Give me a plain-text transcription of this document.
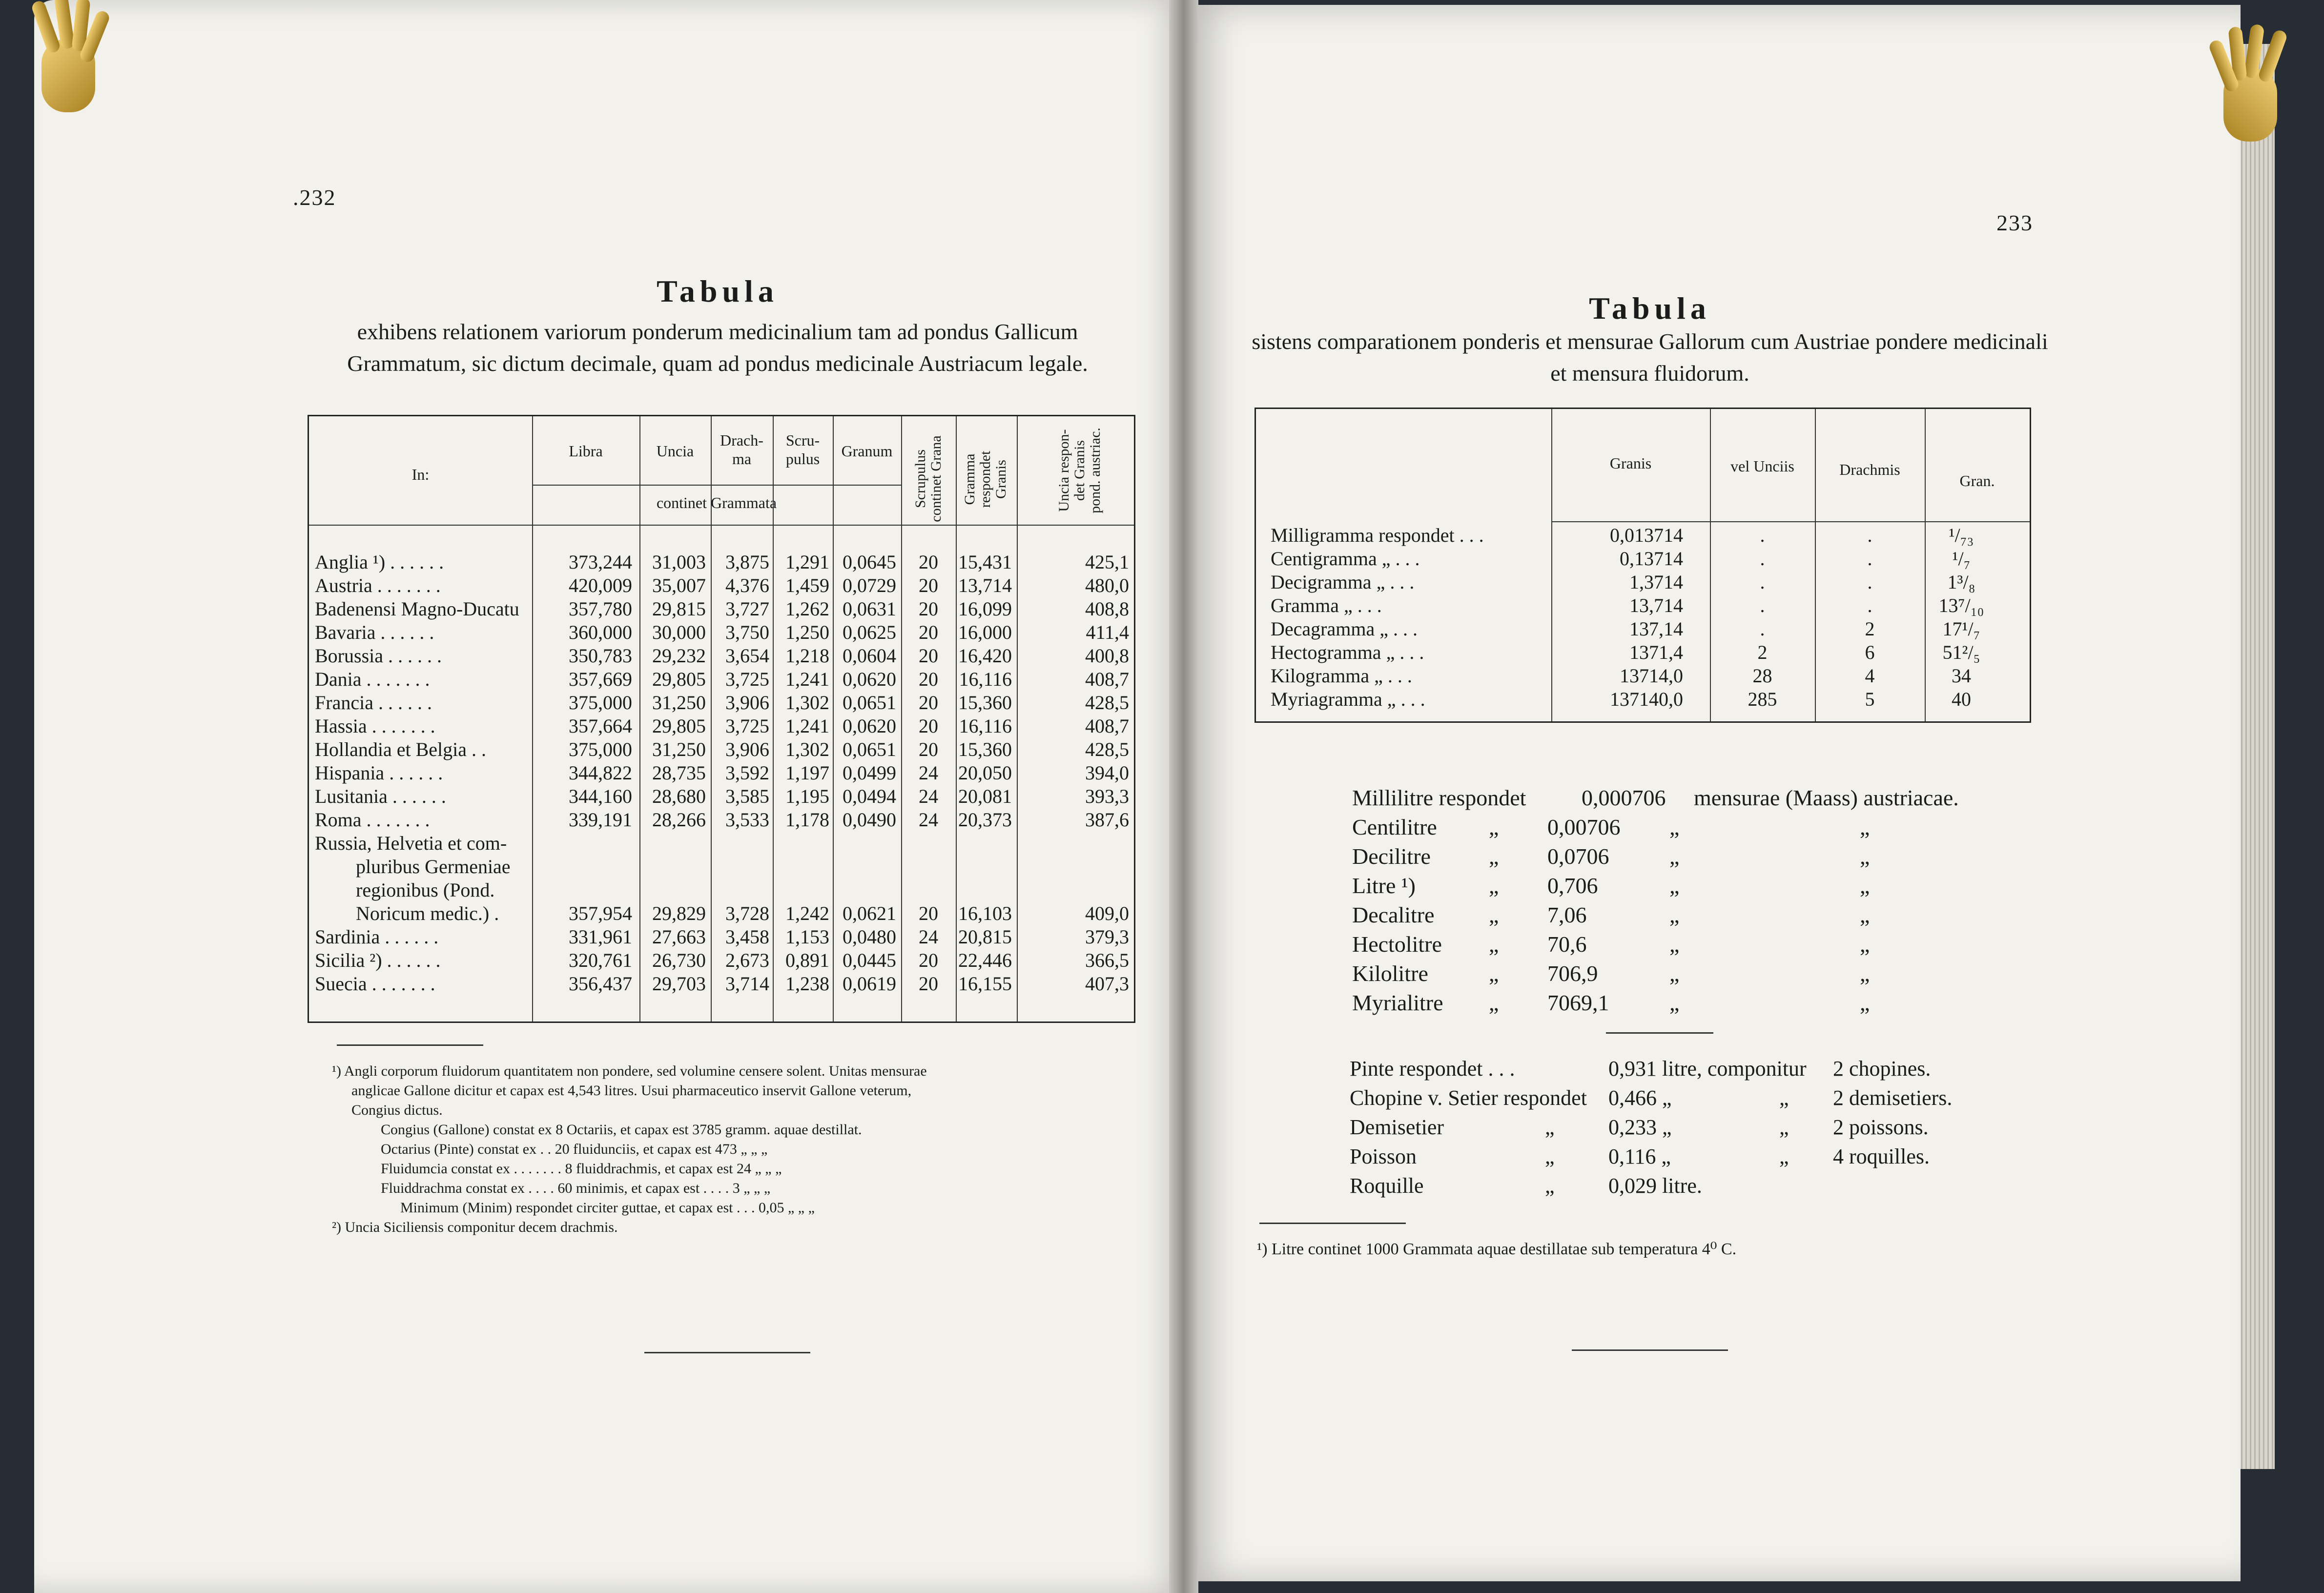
.232
Tabula
exhibens relationem variorum ponderum medicinalium tam ad pondus Gallicum
Grammatum, sic dictum decimale, quam ad pondus medicinale Austriacum legale.
In:
Libra	Uncia
Drach-
ma
Scru-
pulus	Granum
continet Grammata	Scrupulus continet Grana Gramma respondet Granis	Uncia respon- det Granis pond. austriac.
Anglia ¹) . . . . . .	373,244	31,003	3,875 1,291 0,0645	20	15,431	425,1
Austria . . . . . . .	420,009	35,007	4,376 1,459 0,0729	20	13,714	480,0
Badenensi Magno-Ducatu	357,780	29,815	3,727 1,262 0,0631	20	16,099	408,8
Bavaria . . . . . .	360,000	30,000	3,750 1,250 0,0625	20	16,000	411,4
Borussia . . . . . .	350,783	29,232	3,654 1,218 0,0604	20	16,420	400,8
Dania . . . . . . .	357,669	29,805	3,725 1,241 0,0620	20	16,116	408,7
Francia . . . . . .	375,000	31,250	3,906 1,302 0,0651	20	15,360	428,5
Hassia . . . . . . .	357,664	29,805	3,725 1,241 0,0620	20	16,116	408,7
Hollandia et Belgia . .	375,000	31,250	3,906 1,302 0,0651	20	15,360	428,5
Hispania . . . . . .	344,822	28,735	3,592 1,197 0,0499	24	20,050	394,0
Lusitania . . . . . .	344,160	28,680	3,585 1,195 0,0494	24	20,081	393,3
Roma . . . . . . .	339,191	28,266	3,533 1,178 0,0490	24	20,373	387,6
Russia, Helvetia et com-
pluribus Germeniae
regionibus (Pond.
Noricum medic.) .	357,954	29,829	3,728 1,242 0,0621	20	16,103	409,0
Sardinia . . . . . .	331,961	27,663	3,458 1,153 0,0480	24	20,815	379,3
Sicilia ²) . . . . . .	320,761	26,730	2,673 0,891 0,0445	20	22,446	366,5
Suecia . . . . . . .	356,437	29,703	3,714 1,238 0,0619	20	16,155	407,3
¹) Angli corporum fluidorum quantitatem non pondere, sed volumine censere solent. Unitas mensurae
anglicae Gallone dicitur et capax est 4,543 litres. Usui pharmaceutico inservit Gallone veterum,
Congius dictus.
Congius (Gallone) constat ex 8 Octariis, et capax est 3785 gramm. aquae destillat.
Octarius (Pinte) constat ex . . 20 fluidunciis, et capax est 473 „ „ „
Fluidumcia constat ex . . . . . . . 8 fluiddrachmis, et capax est 24 „ „ „
Fluiddrachma constat ex . . . . 60 minimis, et capax est . . . . 3 „ „ „
Minimum (Minim) respondet circiter guttae, et capax est . . . 0,05 „ „ „
²) Uncia Siciliensis componitur decem drachmis.
233
Tabula
sistens comparationem ponderis et mensurae Gallorum cum Austriae pondere medicinali
et mensura fluidorum.
Granis	vel Unciis	Drachmis
Gran.
Milligramma respondet . . .	0,013714	.	.	¹/₇₃
Centigramma „ . . .	0,13714	.	.	¹/₇
Decigramma „ . . .	1,3714	.	.	1³/₈
Gramma „ . . .	13,714	.	.	13⁷/₁₀
Decagramma „ . . .	137,14	.	2	17¹/₇
Hectogramma „ . . .	1371,4	2	6	51²/₅
Kilogramma „ . . .	13714,0	28	4	34
Myriagramma „ . . .	137140,0	285	5	40
Millilitre respondet 0,000706 mensurae (Maass) austriacae.
Centilitre „ 0,00706 „	„
Decilitre	„ 0,0706	„	„
Litre ¹)	„ 0,706	„	„
Decalitre „ 7,06	„	„
Hectolitre „ 70,6	„	„
Kilolitre	„ 706,9	„	„
Myrialitre „ 7069,1	„	„
Pinte respondet . . .	0,931 litre, componitur 2 chopines.
Chopine v. Setier respondet 0,466 „	„ 2 demisetiers.
Demisetier	„	0,233 „	„ 2 poissons.
Poisson	„	0,116 „	„ 4 roquilles.
Roquille	„	0,029 litre.
¹) Litre continet 1000 Grammata aquae destillatae sub temperatura 4⁰ C.
